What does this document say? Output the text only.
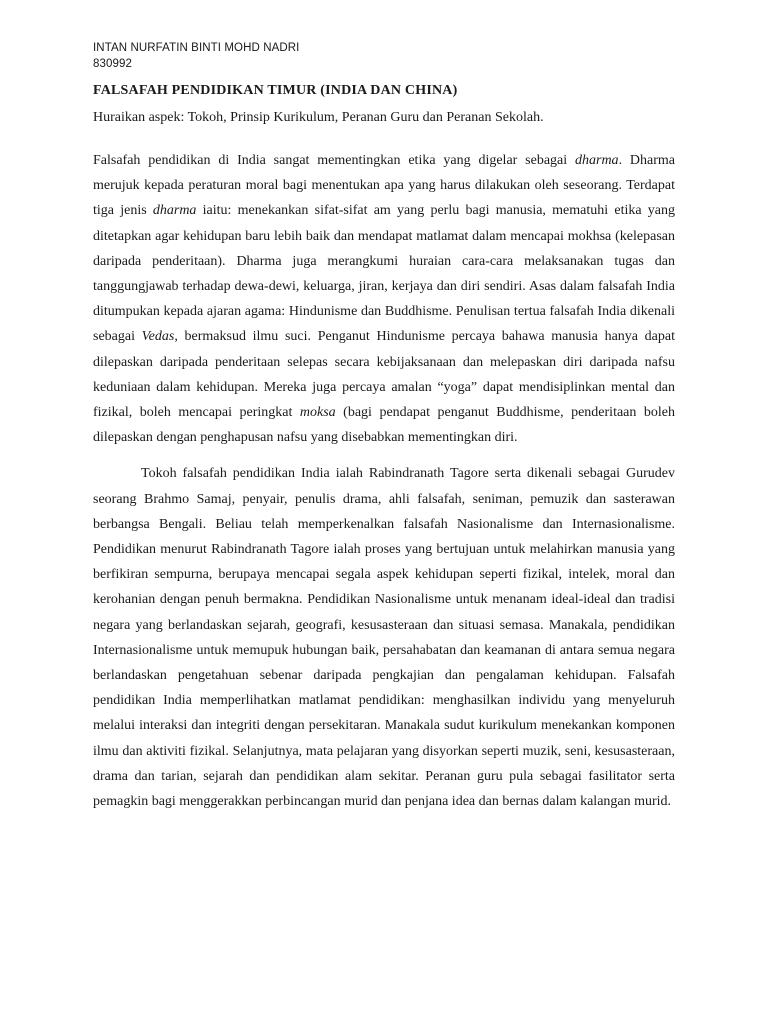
INTAN NURFATIN BINTI MOHD NADRI
830992
FALSAFAH PENDIDIKAN TIMUR (INDIA DAN CHINA)
Huraikan aspek: Tokoh, Prinsip Kurikulum, Peranan Guru dan Peranan Sekolah.

Falsafah pendidikan di India sangat mementingkan etika yang digelar sebagai dharma. Dharma merujuk kepada peraturan moral bagi menentukan apa yang harus dilakukan oleh seseorang. Terdapat tiga jenis dharma iaitu: menekankan sifat-sifat am yang perlu bagi manusia, mematuhi etika yang ditetapkan agar kehidupan baru lebih baik dan mendapat matlamat dalam mencapai mokhsa (kelepasan daripada penderitaan). Dharma juga merangkumi huraian cara-cara melaksanakan tugas dan tanggungjawab terhadap dewa-dewi, keluarga, jiran, kerjaya dan diri sendiri. Asas dalam falsafah India ditumpukan kepada ajaran agama: Hindunisme dan Buddhisme. Penulisan tertua falsafah India dikenali sebagai Vedas, bermaksud ilmu suci. Penganut Hindunisme percaya bahawa manusia hanya dapat dilepaskan daripada penderitaan selepas secara kebijaksanaan dan melepaskan diri daripada nafsu keduniaan dalam kehidupan. Mereka juga percaya amalan “yoga” dapat mendisiplinkan mental dan fizikal, boleh mencapai peringkat moksa (bagi pendapat penganut Buddhisme, penderitaan boleh dilepaskan dengan penghapusan nafsu yang disebabkan mementingkan diri.

Tokoh falsafah pendidikan India ialah Rabindranath Tagore serta dikenali sebagai Gurudev seorang Brahmo Samaj, penyair, penulis drama, ahli falsafah, seniman, pemuzik dan sasterawan berbangsa Bengali. Beliau telah memperkenalkan falsafah Nasionalisme dan Internasionalisme. Pendidikan menurut Rabindranath Tagore ialah proses yang bertujuan untuk melahirkan manusia yang berfikiran sempurna, berupaya mencapai segala aspek kehidupan seperti fizikal, intelek, moral dan kerohanian dengan penuh bermakna. Pendidikan Nasionalisme untuk menanam ideal-ideal dan tradisi negara yang berlandaskan sejarah, geografi, kesusasteraan dan situasi semasa. Manakala, pendidikan Internasionalisme untuk memupuk hubungan baik, persahabatan dan keamanan di antara semua negara berlandaskan pengetahuan sebenar daripada pengkajian dan pengalaman kehidupan. Falsafah pendidikan India memperlihatkan matlamat pendidikan: menghasilkan individu yang menyeluruh melalui interaksi dan integriti dengan persekitaran. Manakala sudut kurikulum menekankan komponen ilmu dan aktiviti fizikal. Selanjutnya, mata pelajaran yang disyorkan seperti muzik, seni, kesusasteraan, drama dan tarian, sejarah dan pendidikan alam sekitar. Peranan guru pula sebagai fasilitator serta pemagkin bagi menggerakkan perbincangan murid dan penjana idea dan bernas dalam kalangan murid.
